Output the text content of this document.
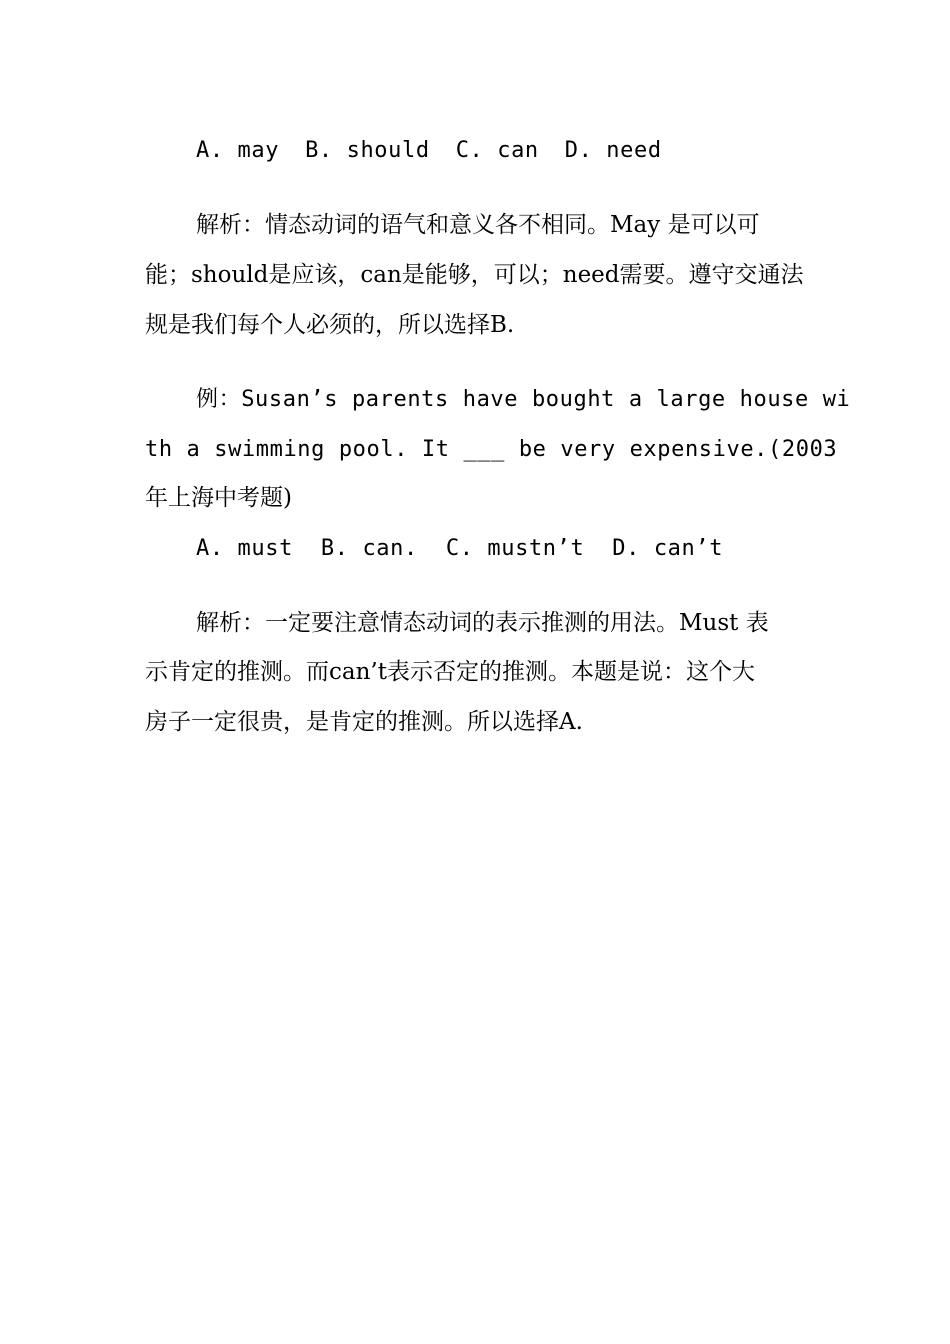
A. may B. should C. can D. need
解析：情态动词的语气和意义各不相同。May 是可以可
能；should是应该，can是能够，可以；need需要。遵守交通法
规是我们每个人必须的，所以选择B.
例：Susan’s parents have bought a large house wi
th a swimming pool. It ___ be very expensive.(2003
年上海中考题)
A. must B. can. C. mustn’t D. can’t
解析：一定要注意情态动词的表示推测的用法。Must 表
示肯定的推测。而can’t表示否定的推测。本题是说：这个大
房子一定很贵，是肯定的推测。所以选择A.
